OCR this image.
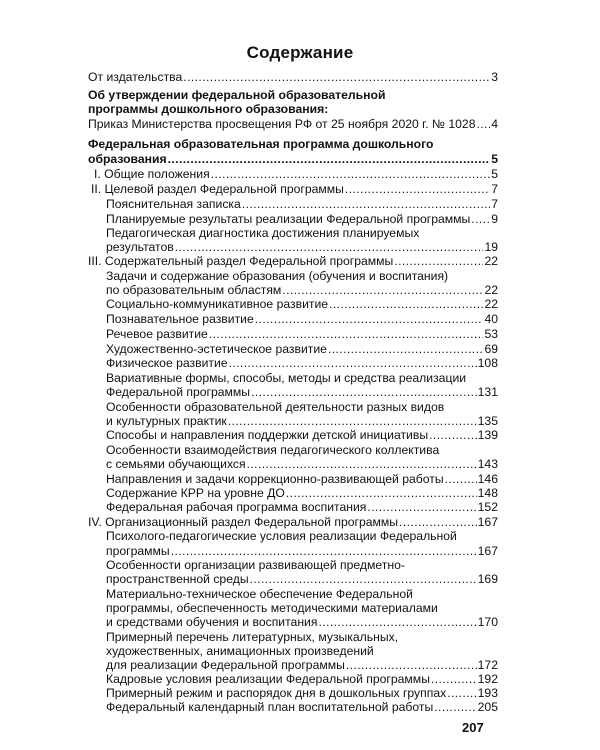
Содержание
От издательства .....	3
Об утверждении федеральной образовательной
программы дошкольного образования:
Приказ Министерства просвещения РФ от 25 ноября 2020 г. № 1028 ..... 4
Федеральная образовательная программа дошкольного
образования .....	5
I. Общие положения .....	5
II. Целевой раздел Федеральной программы .....	7
Пояснительная записка .....	7
Планируемые результаты реализации Федеральной программы ..... 9
Педагогическая диагностика достижения планируемых
результатов .....	19
III. Содержательный раздел Федеральной программы .....	22
Задачи и содержание образования (обучения и воспитания)
по образовательным областям .....	22
Социально-коммуникативное развитие .....	22
Познавательное развитие .....	40
Речевое развитие .....	53
Художественно-эстетическое развитие .....	69
Физическое развитие .....	108
Вариативные формы, способы, методы и средства реализации
Федеральной программы .....	131
Особенности образовательной деятельности разных видов
и культурных практик .....	135
Способы и направления поддержки детской инициативы .....	139
Особенности взаимодействия педагогического коллектива
с семьями обучающихся .....	143
Направления и задачи коррекционно-развивающей работы .....	146
Содержание КРР на уровне ДО .....	148
Федеральная рабочая программа воспитания .....	152
IV. Организационный раздел Федеральной программы .....	167
Психолого-педагогические условия реализации Федеральной
программы .....	167
Особенности организации развивающей предметно-
пространственной среды .....	169
Материально-техническое обеспечение Федеральной
программы, обеспеченность методическими материалами
и средствами обучения и воспитания .....	170
Примерный перечень литературных, музыкальных,
художественных, анимационных произведений
для реализации Федеральной программы .....	172
Кадровые условия реализации Федеральной программы .....	192
Примерный режим и распорядок дня в дошкольных группах .....	193
Федеральный календарный план воспитательной работы .....	205
207
